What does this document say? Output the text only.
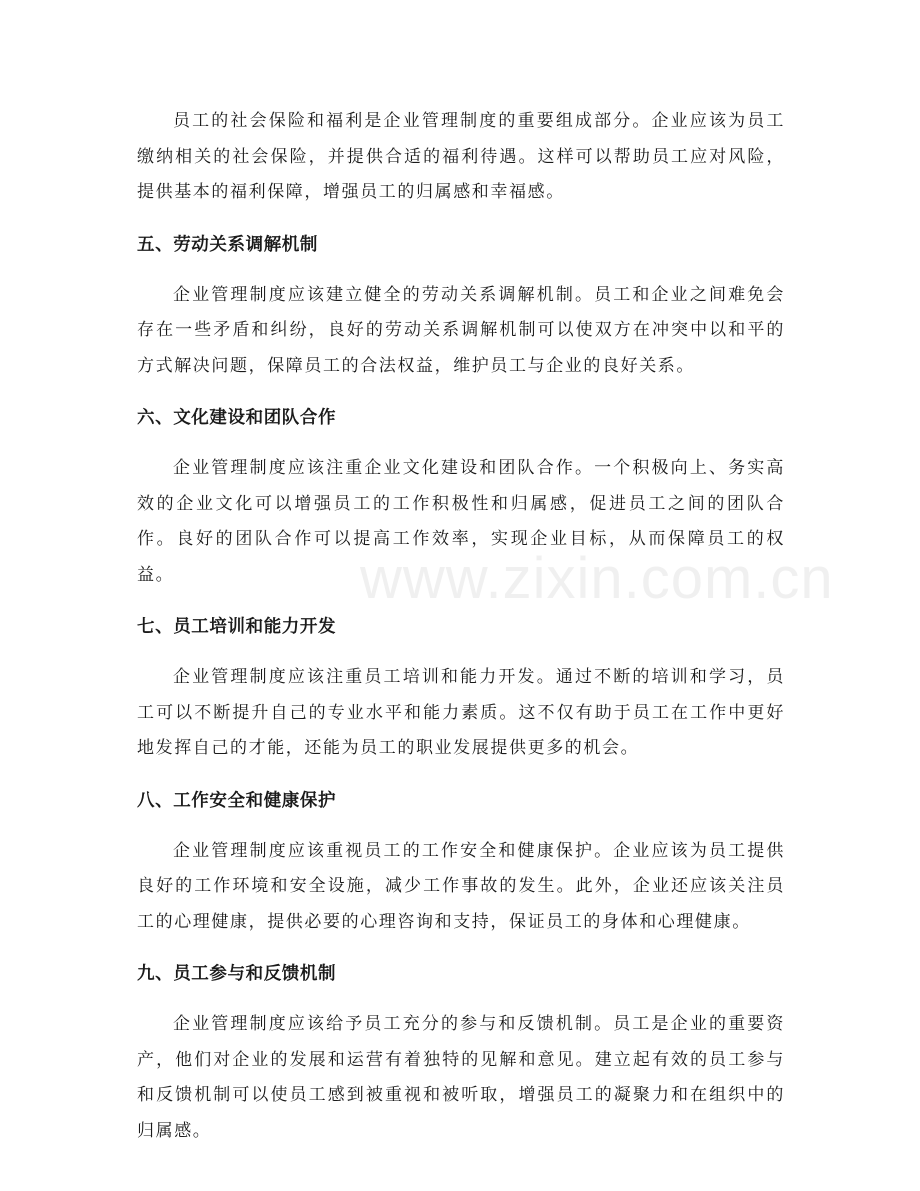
www.zixin.com.cn

员工的社会保险和福利是企业管理制度的重要组成部分。企业应该为员工缴纳相关的社会保险，并提供合适的福利待遇。这样可以帮助员工应对风险，提供基本的福利保障，增强员工的归属感和幸福感。

五、劳动关系调解机制

企业管理制度应该建立健全的劳动关系调解机制。员工和企业之间难免会存在一些矛盾和纠纷，良好的劳动关系调解机制可以使双方在冲突中以和平的方式解决问题，保障员工的合法权益，维护员工与企业的良好关系。

六、文化建设和团队合作

企业管理制度应该注重企业文化建设和团队合作。一个积极向上、务实高效的企业文化可以增强员工的工作积极性和归属感，促进员工之间的团队合作。良好的团队合作可以提高工作效率，实现企业目标，从而保障员工的权益。

七、员工培训和能力开发

企业管理制度应该注重员工培训和能力开发。通过不断的培训和学习，员工可以不断提升自己的专业水平和能力素质。这不仅有助于员工在工作中更好地发挥自己的才能，还能为员工的职业发展提供更多的机会。

八、工作安全和健康保护

企业管理制度应该重视员工的工作安全和健康保护。企业应该为员工提供良好的工作环境和安全设施，减少工作事故的发生。此外，企业还应该关注员工的心理健康，提供必要的心理咨询和支持，保证员工的身体和心理健康。

九、员工参与和反馈机制

企业管理制度应该给予员工充分的参与和反馈机制。员工是企业的重要资产，他们对企业的发展和运营有着独特的见解和意见。建立起有效的员工参与和反馈机制可以使员工感到被重视和被听取，增强员工的凝聚力和在组织中的归属感。
